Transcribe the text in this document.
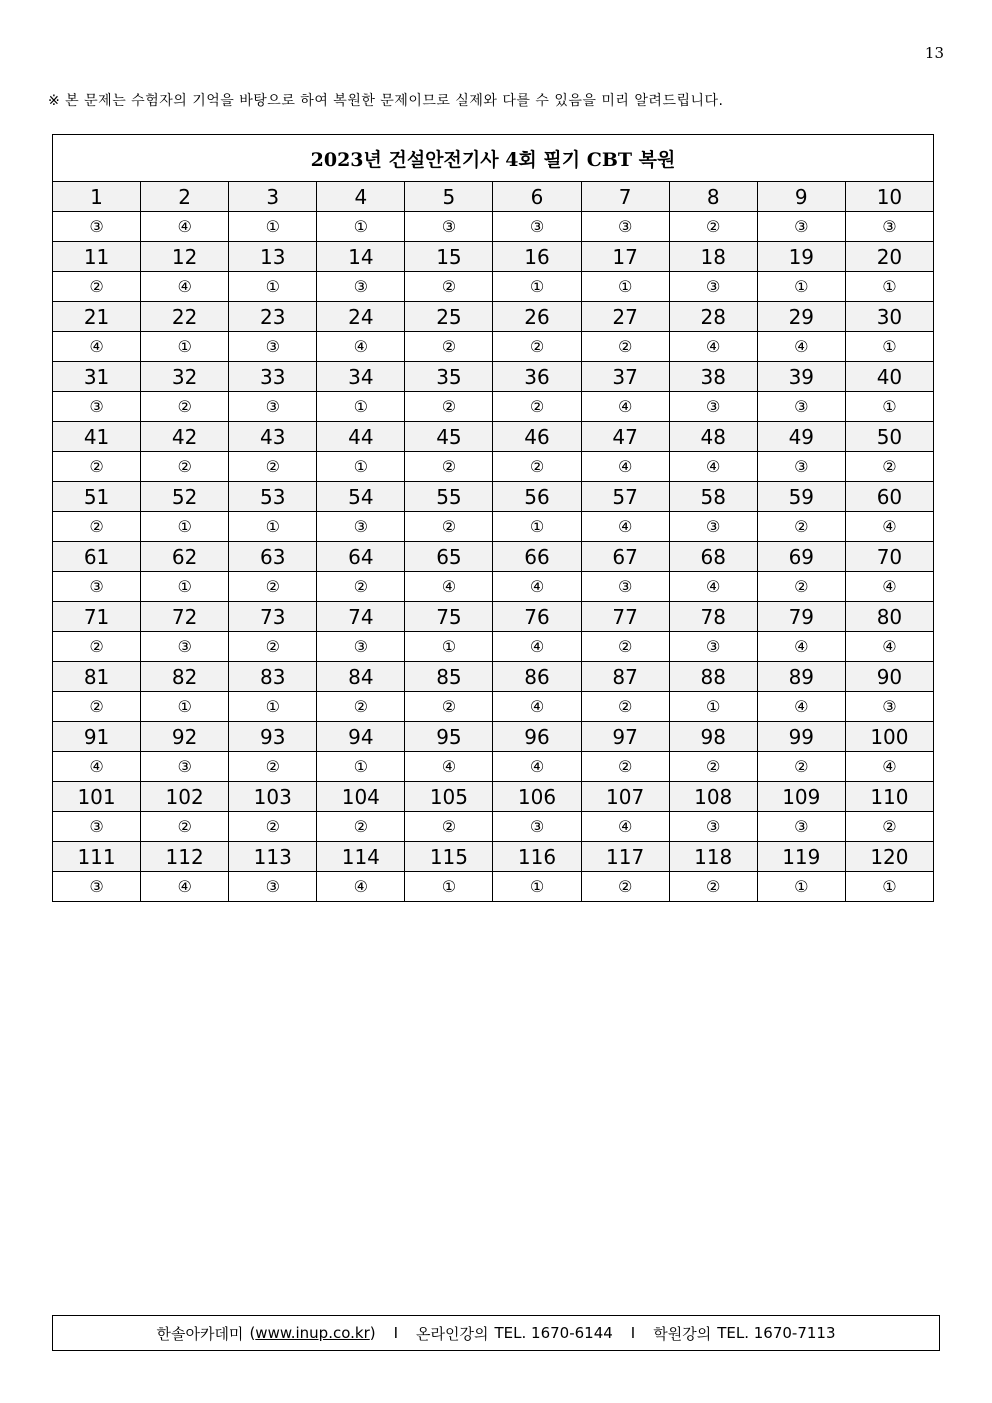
13
※ 본 문제는 수험자의 기억을 바탕으로 하여 복원한 문제이므로 실제와 다를 수 있음을 미리 알려드립니다.
2023년 건설안전기사 4회 필기 CBT 복원									
1	2	3	4	5	6	7	8	9	10
③	④	①	①	③	③	③	②	③	③
11	12	13	14	15	16	17	18	19	20
②	④	①	③	②	①	①	③	①	①
21	22	23	24	25	26	27	28	29	30
④	①	③	④	②	②	②	④	④	①
31	32	33	34	35	36	37	38	39	40
③	②	③	①	②	②	④	③	③	①
41	42	43	44	45	46	47	48	49	50
②	②	②	①	②	②	④	④	③	②
51	52	53	54	55	56	57	58	59	60
②	①	①	③	②	①	④	③	②	④
61	62	63	64	65	66	67	68	69	70
③	①	②	②	④	④	③	④	②	④
71	72	73	74	75	76	77	78	79	80
②	③	②	③	①	④	②	③	④	④
81	82	83	84	85	86	87	88	89	90
②	①	①	②	②	④	②	①	④	③
91	92	93	94	95	96	97	98	99	100
④	③	②	①	④	④	②	②	②	④
101	102	103	104	105	106	107	108	109	110
③	②	②	②	②	③	④	③	③	②
111	112	113	114	115	116	117	118	119	120
③	④	③	④	①	①	②	②	①	①
한솔아카데미 (www.inup.co.kr) I 온라인강의 TEL. 1670-6144 I 학원강의 TEL. 1670-7113
